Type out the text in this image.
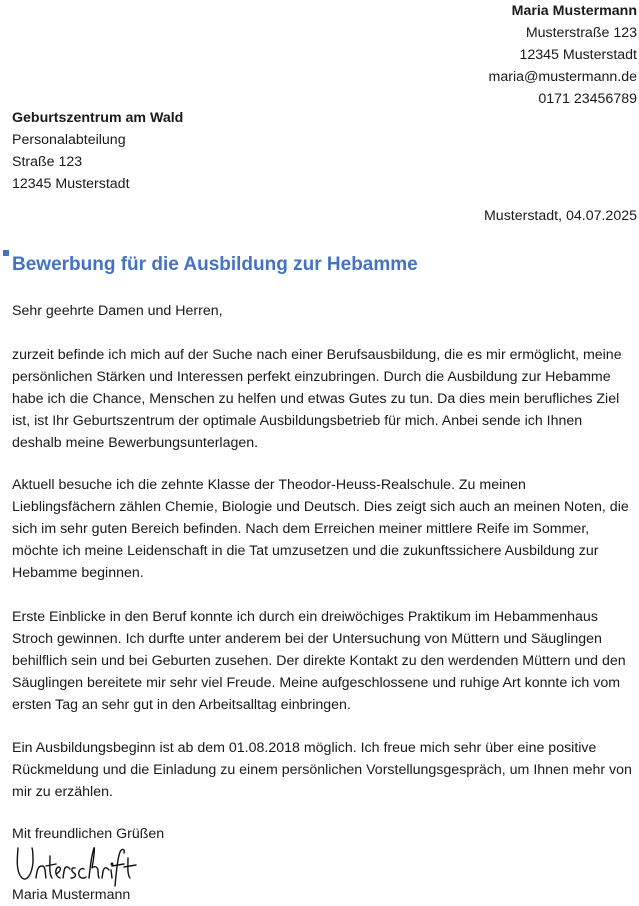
Maria Mustermann
Musterstraße 123
12345 Musterstadt
maria@mustermann.de
0171 23456789
Geburtszentrum am Wald
Personalabteilung
Straße 123
12345 Musterstadt
Musterstadt, 04.07.2025
Bewerbung für die Ausbildung zur Hebamme
Sehr geehrte Damen und Herren,

zurzeit befinde ich mich auf der Suche nach einer Berufsausbildung, die es mir ermöglicht, meine persönlichen Stärken und Interessen perfekt einzubringen. Durch die Ausbildung zur Hebamme habe ich die Chance, Menschen zu helfen und etwas Gutes zu tun. Da dies mein berufliches Ziel ist, ist Ihr Geburtszentrum der optimale Ausbildungsbetrieb für mich. Anbei sende ich Ihnen deshalb meine Bewerbungsunterlagen.

Aktuell besuche ich die zehnte Klasse der Theodor-Heuss-Realschule. Zu meinen Lieblingsfächern zählen Chemie, Biologie und Deutsch. Dies zeigt sich auch an meinen Noten, die sich im sehr guten Bereich befinden. Nach dem Erreichen meiner mittlere Reife im Sommer, möchte ich meine Leidenschaft in die Tat umzusetzen und die zukunftssichere Ausbildung zur Hebamme beginnen.

Erste Einblicke in den Beruf konnte ich durch ein dreiwöchiges Praktikum im Hebammenhaus Stroch gewinnen. Ich durfte unter anderem bei der Untersuchung von Müttern und Säuglingen behilflich sein und bei Geburten zusehen. Der direkte Kontakt zu den werdenden Müttern und den Säuglingen bereitete mir sehr viel Freude. Meine aufgeschlossene und ruhige Art konnte ich vom ersten Tag an sehr gut in den Arbeitsalltag einbringen.

Ein Ausbildungsbeginn ist ab dem 01.08.2018 möglich. Ich freue mich sehr über eine positive Rückmeldung und die Einladung zu einem persönlichen Vorstellungsgespräch, um Ihnen mehr von mir zu erzählen.

Mit freundlichen Grüßen
Maria Mustermann
